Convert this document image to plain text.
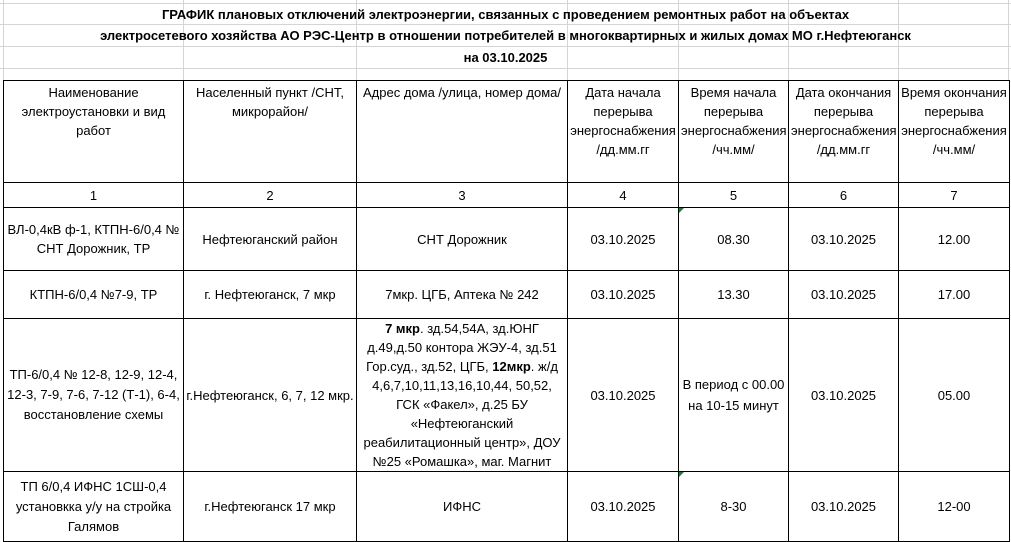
ГРАФИК плановых отключений электроэнергии, связанных с проведением ремонтных работ на объектах
электросетевого хозяйства АО РЭС-Центр в отношении потребителей в многоквартирных и жилых домах МО г.Нефтеюганск
на 03.10.2025
Наименование электроустановки и вид работ	Населенный пункт /СНТ, микрорайон/	Адрес дома /улица, номер дома/	Дата начала перерыва энергоснабжения /дд.мм.гг	Время начала перерыва энергоснабжения /чч.мм/	Дата окончания перерыва энергоснабжения /дд.мм.гг	Время окончания перерыва энергоснабжения /чч.мм/
1	2	3	4	5	6	7
ВЛ-0,4кВ ф-1, КТПН-6/0,4 № СНТ Дорожник, ТР	Нефтеюганский район	СНТ Дорожник	03.10.2025	08.30	03.10.2025	12.00
КТПН-6/0,4 №7-9, ТР	г. Нефтеюганск, 7 мкр	7мкр. ЦГБ, Аптека № 242	03.10.2025	13.30	03.10.2025	17.00
ТП-6/0,4 № 12-8, 12-9, 12-4, 12-3, 7-9, 7-6, 7-12 (Т-1), 6-4, восстановление схемы	г.Нефтеюганск, 6, 7, 12 мкр.	7 мкр. зд.54,54А, зд.ЮНГ д.49,д.50 контора ЖЭУ-4, зд.51 Гор.суд., зд.52, ЦГБ, 12мкр. ж/д 4,6,7,10,11,13,16,10,44, 50,52, ГСК «Факел», д.25 БУ «Нефтеюганский реабилитационный центр», ДОУ №25 «Ромашка», маг. Магнит	03.10.2025	В период с 00.00 на 10-15 минут	03.10.2025	05.00
ТП 6/0,4 ИФНС 1СШ-0,4 установкка у/у на стройка Галямов	г.Нефтеюганск 17 мкр	ИФНС	03.10.2025	8-30	03.10.2025	12-00
